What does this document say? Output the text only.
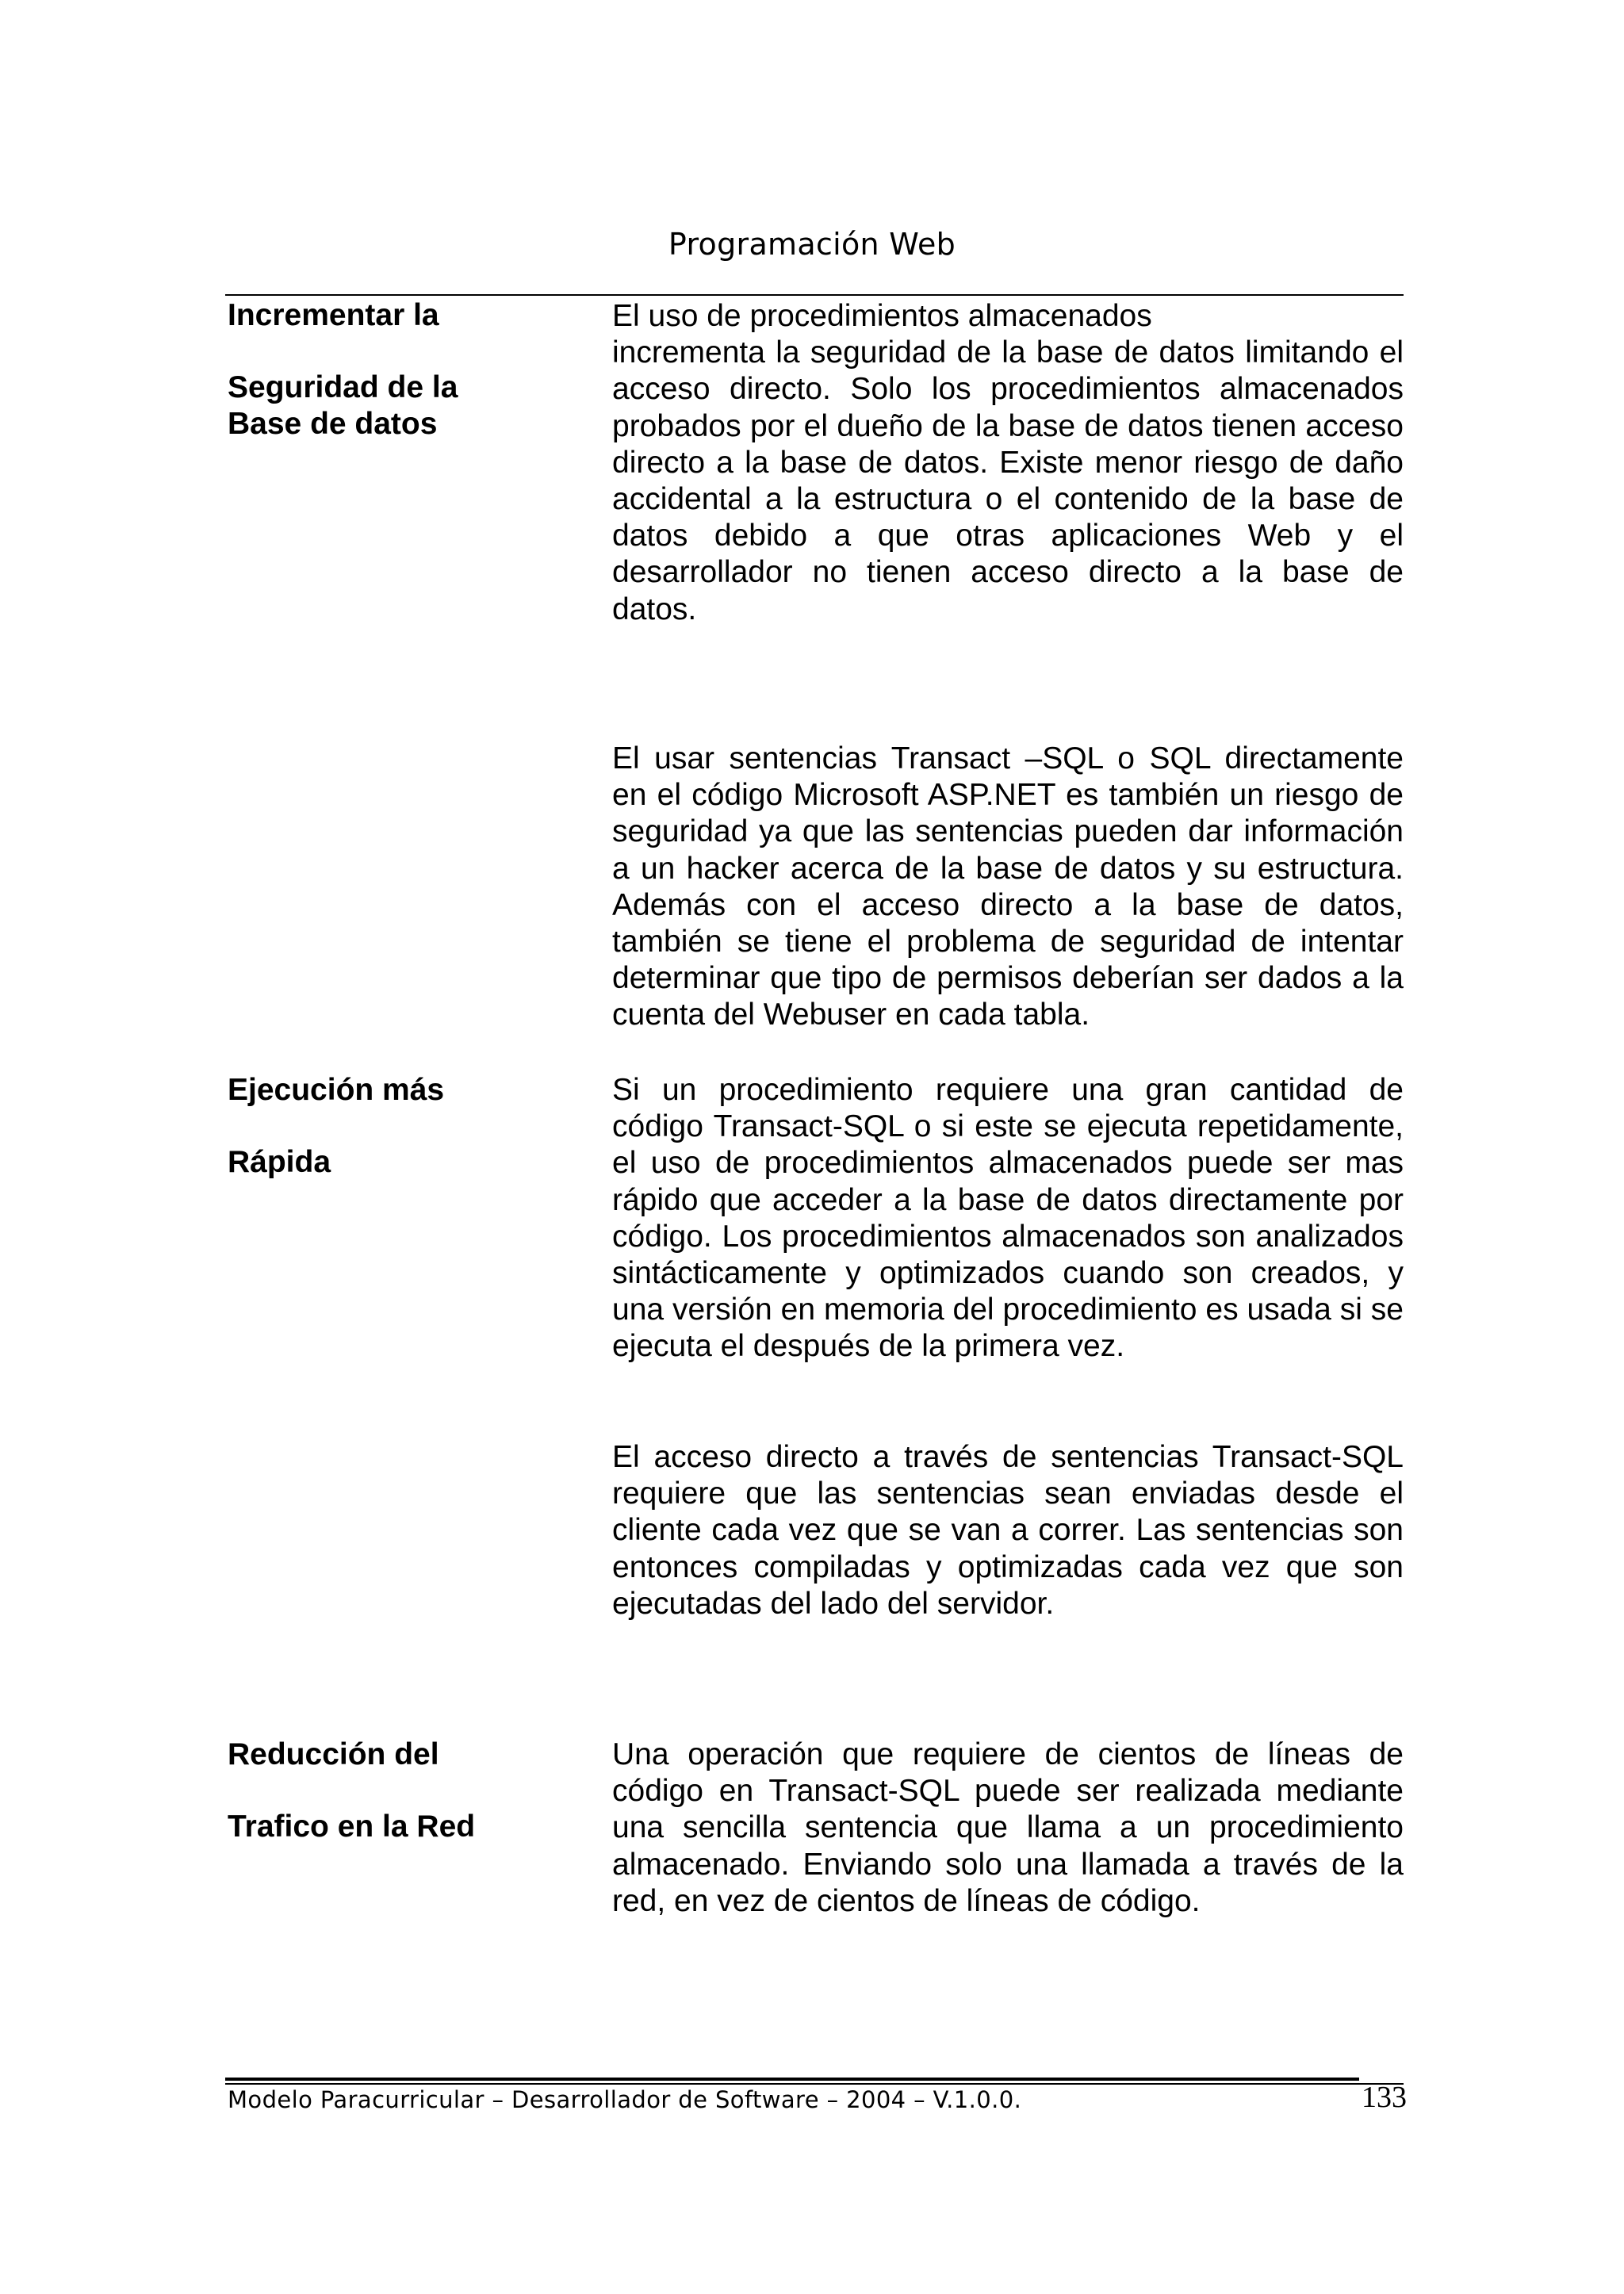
Programación Web
Incrementar la
Seguridad de la Base de datos

El uso de procedimientos almacenados
incrementa la seguridad de la base de datos limitando el acceso directo. Solo los procedimientos almacenados probados por el dueño de la base de datos tienen acceso directo a la base de datos. Existe menor riesgo de daño accidental a la estructura o el contenido de la base de datos debido a que otras aplicaciones Web y el desarrollador no tienen acceso directo a la base de datos.

El usar sentencias Transact –SQL o SQL directamente en el código Microsoft ASP.NET es también un riesgo de seguridad ya que las sentencias pueden dar información a un hacker acerca de la base de datos y su estructura. Además con el acceso directo a la base de datos, también se tiene el problema de seguridad de intentar determinar que tipo de permisos deberían ser dados a la cuenta del Webuser en cada tabla.

Ejecución más
Rápida

Si un procedimiento requiere una gran cantidad de código Transact-SQL o si este se ejecuta repetidamente, el uso de procedimientos almacenados puede ser mas rápido que acceder a la base de datos directamente por código. Los procedimientos almacenados son analizados sintácticamente y optimizados cuando son creados, y una versión en memoria del procedimiento es usada si se ejecuta el después de la primera vez.

El acceso directo a través de sentencias Transact-SQL requiere que las sentencias sean enviadas desde el cliente cada vez que se van a correr. Las sentencias son entonces compiladas y optimizadas cada vez que son ejecutadas del lado del servidor.

Reducción del
Trafico en la Red

Una operación que requiere de cientos de líneas de código en Transact-SQL puede ser realizada mediante una sencilla sentencia que llama a un procedimiento almacenado. Enviando solo una llamada a través de la red, en vez de cientos de líneas de código.

Modelo Paracurricular – Desarrollador de Software – 2004 – V.1.0.0.	133
